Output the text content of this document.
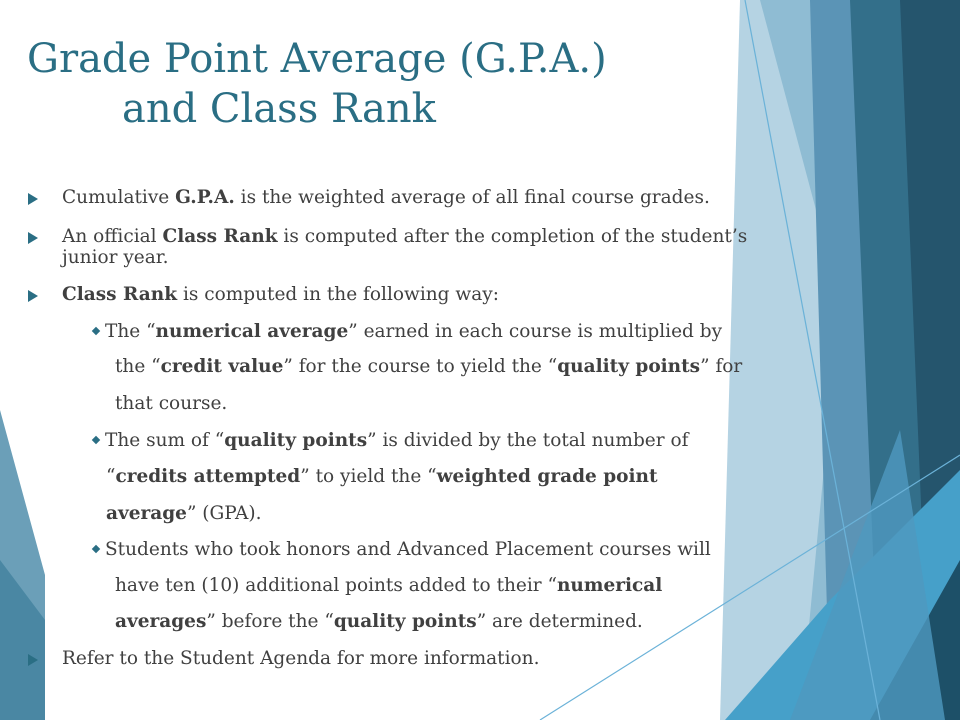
Grade Point Average (G.P.A.)
and Class Rank
Cumulative G.P.A. is the weighted average of all final course grades.
An official Class Rank is computed after the completion of the student’s junior year.
Class Rank is computed in the following way:
The “numerical average” earned in each course is multiplied by
the “credit value” for the course to yield the “quality points” for
that course.
The sum of “quality points” is divided by the total number of
“credits attempted” to yield the “weighted grade point
average” (GPA).
Students who took honors and Advanced Placement courses will
have ten (10) additional points added to their “numerical
averages” before the “quality points” are determined.
Refer to the Student Agenda for more information.
